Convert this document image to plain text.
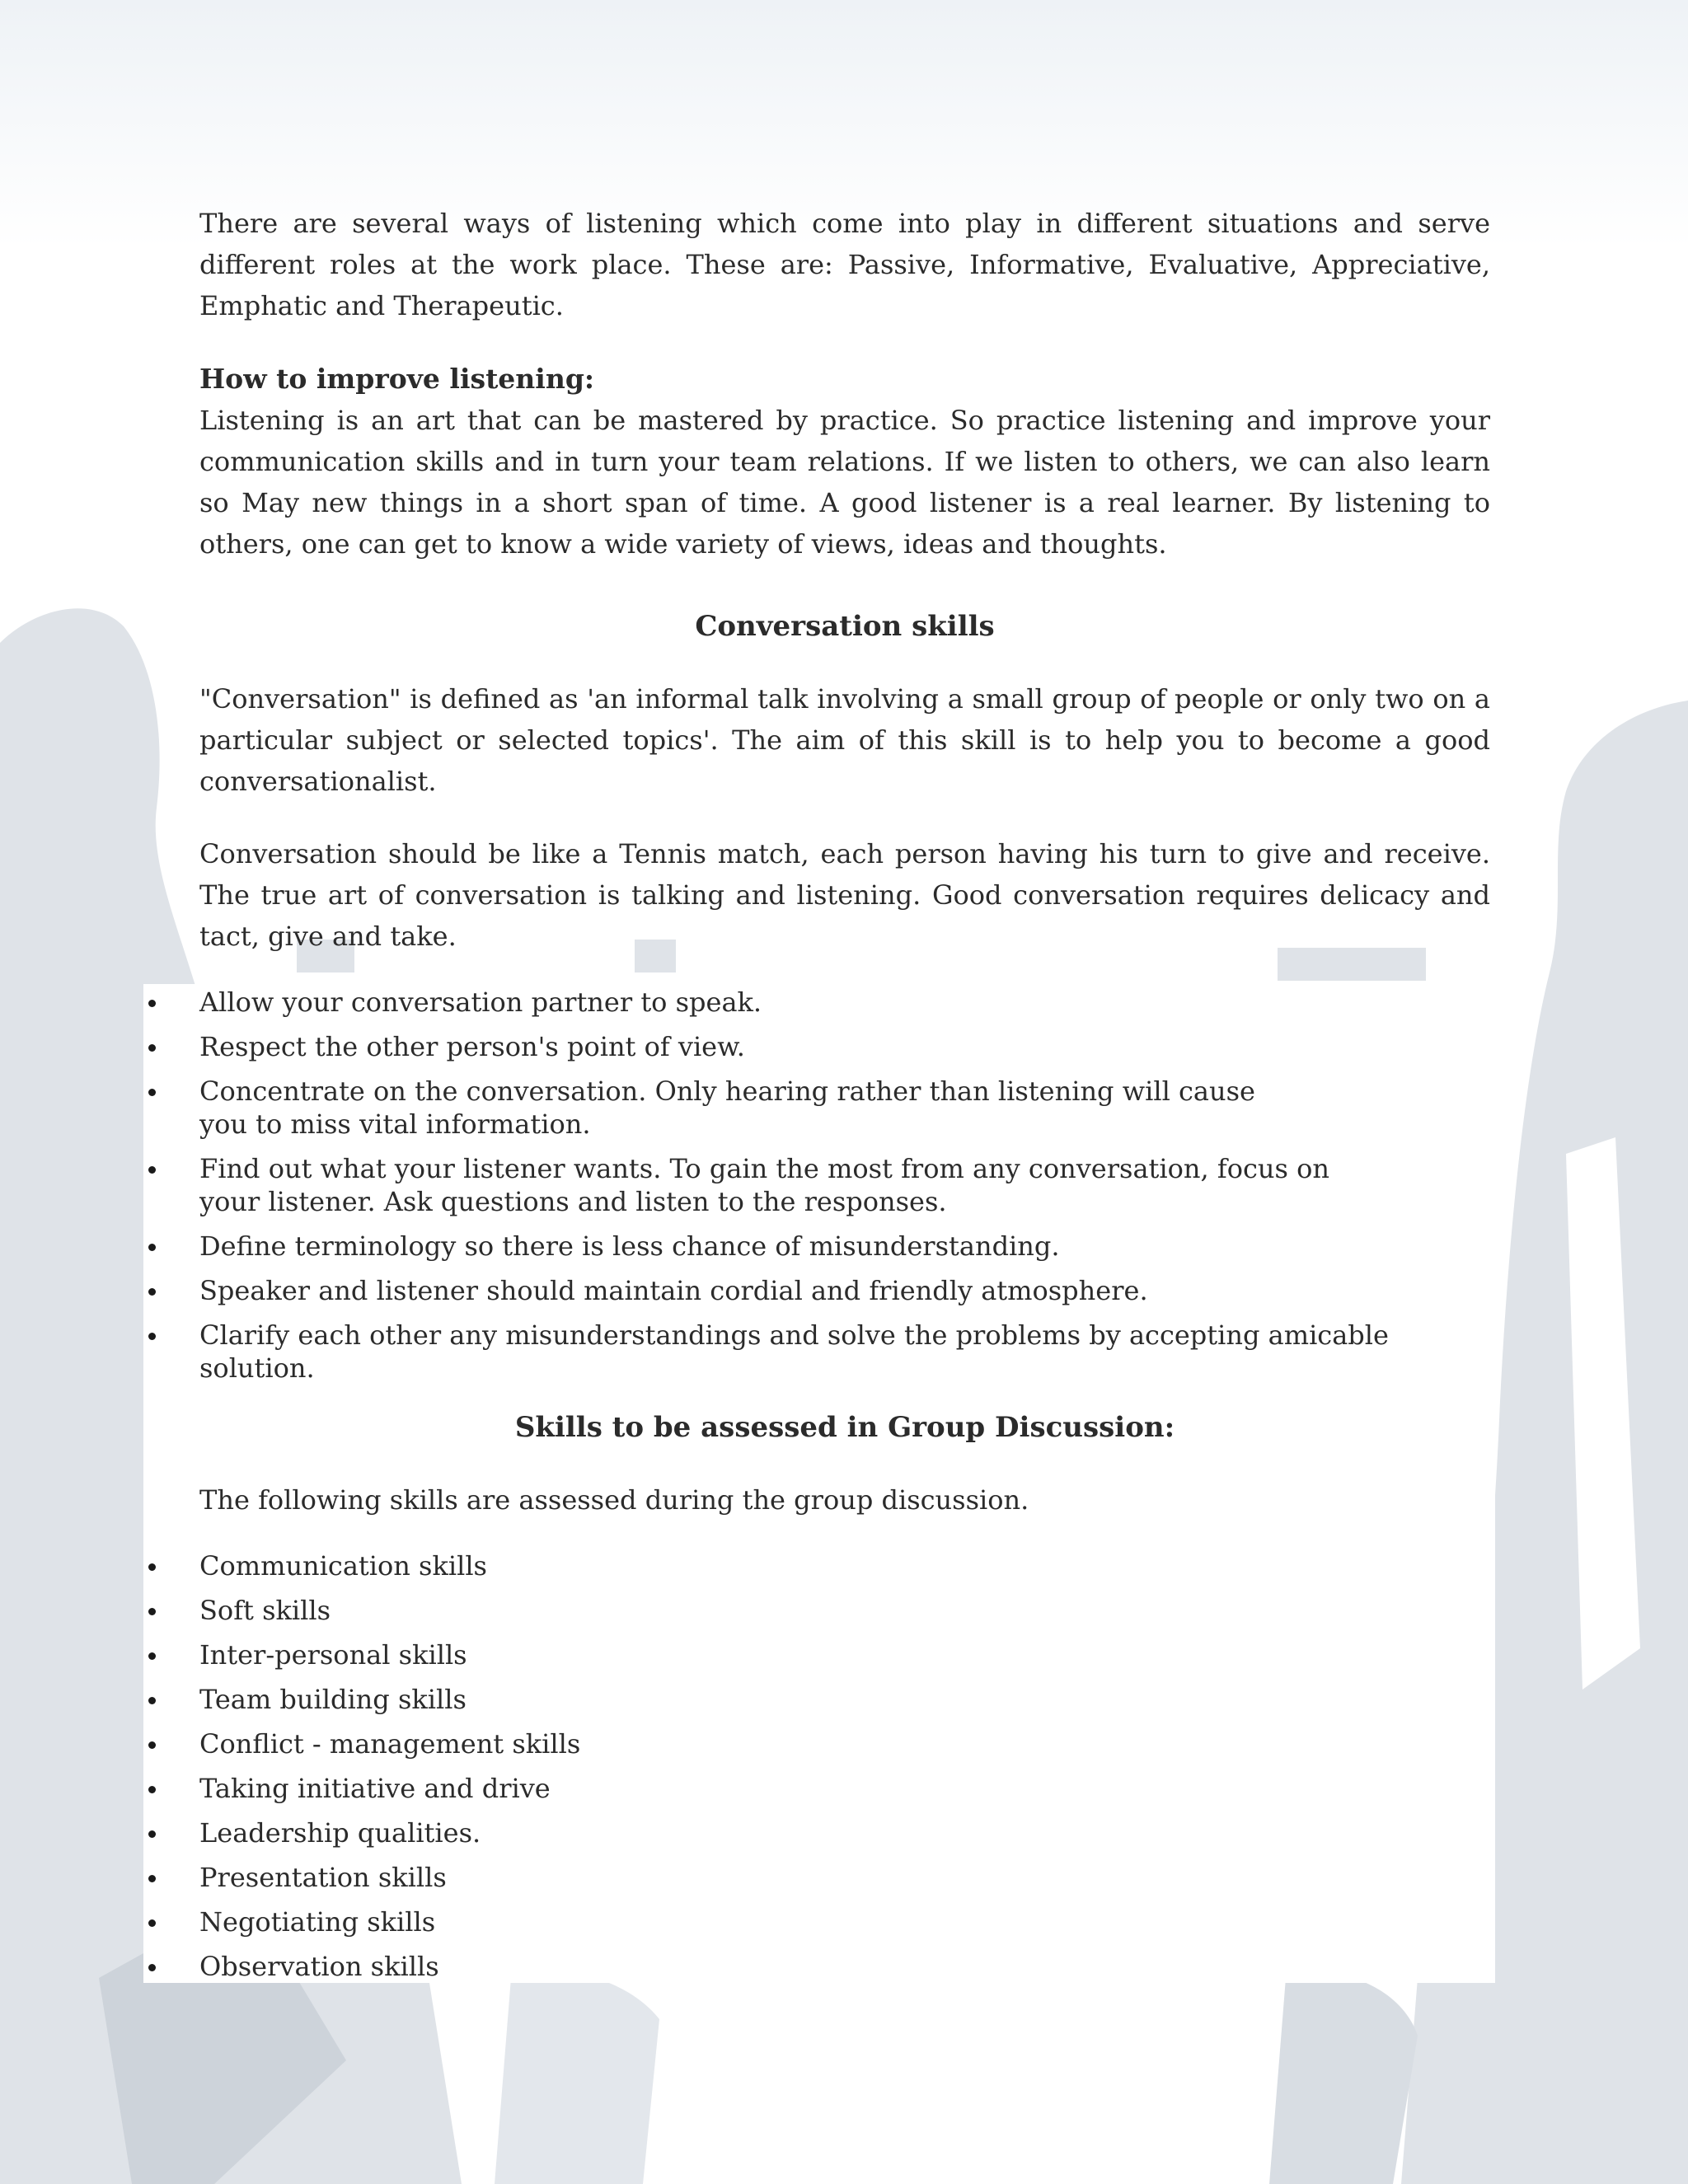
There are several ways of listening which come into play in different situations and serve different roles at the work place. These are: Passive, Informative, Evaluative, Appreciative, Emphatic and Therapeutic.

How to improve listening:

Listening is an art that can be mastered by practice. So practice listening and improve your communication skills and in turn your team relations. If we listen to others, we can also learn so May new things in a short span of time. A good listener is a real learner. By listening to others, one can get to know a wide variety of views, ideas and thoughts.

Conversation skills

"Conversation" is defined as 'an informal talk involving a small group of people or only two on a particular subject or selected topics'. The aim of this skill is to help you to become a good conversationalist.

Conversation should be like a Tennis match, each person having his turn to give and receive. The true art of conversation is talking and listening. Good conversation requires delicacy and tact, give and take.

Allow your conversation partner to speak.
Respect the other person's point of view.
Concentrate on the conversation. Only hearing rather than listening will cause you to miss vital information.
Find out what your listener wants. To gain the most from any conversation, focus on your listener. Ask questions and listen to the responses.
Define terminology so there is less chance of misunderstanding.
Speaker and listener should maintain cordial and friendly atmosphere.
Clarify each other any misunderstandings and solve the problems by accepting amicable solution.

Skills to be assessed in Group Discussion:

The following skills are assessed during the group discussion.

Communication skills
Soft skills
Inter-personal skills
Team building skills
Conflict - management skills
Taking initiative and drive
Leadership qualities.
Presentation skills
Negotiating skills
Observation skills
